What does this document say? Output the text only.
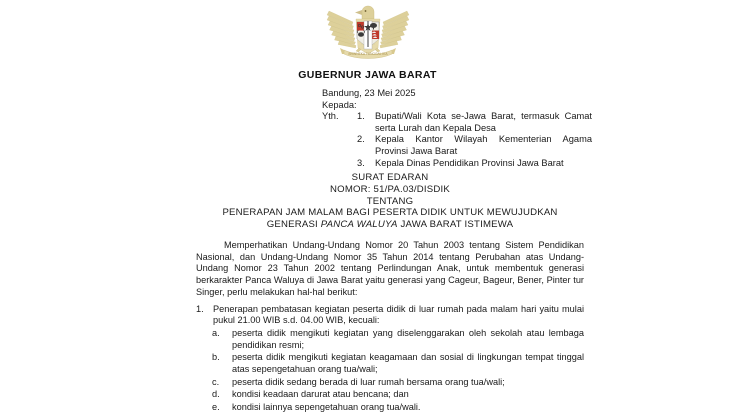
BHINNEKA TUNGGAL IKA
GUBERNUR JAWA BARAT
Bandung, 23 Mei 2025
Kepada:
Yth.	1.	Bupati/Wali Kota se-Jawa Barat, termasuk Camat serta Lurah dan Kepala Desa
2.	Kepala Kantor Wilayah Kementerian Agama Provinsi Jawa Barat
3.	Kepala Dinas Pendidikan Provinsi Jawa Barat
SURAT EDARAN
NOMOR: 51/PA.03/DISDIK
TENTANG
PENERAPAN JAM MALAM BAGI PESERTA DIDIK UNTUK MEWUJUDKAN
GENERASI PANCA WALUYA JAWA BARAT ISTIMEWA

Memperhatikan Undang-Undang Nomor 20 Tahun 2003 tentang Sistem Pendidikan Nasional, dan Undang-Undang Nomor 35 Tahun 2014 tentang Perubahan atas Undang-Undang Nomor 23 Tahun 2002 tentang Perlindungan Anak, untuk membentuk generasi berkarakter Panca Waluya di Jawa Barat yaitu generasi yang Cageur, Bageur, Bener, Pinter tur Singer, perlu melakukan hal-hal berikut:

1.	Penerapan pembatasan kegiatan peserta didik di luar rumah pada malam hari yaitu mulai pukul 21.00 WIB s.d. 04.00 WIB, kecuali:
a.	peserta didik mengikuti kegiatan yang diselenggarakan oleh sekolah atau lembaga pendidikan resmi;
b.	peserta didik mengikuti kegiatan keagamaan dan sosial di lingkungan tempat tinggal atas sepengetahuan orang tua/wali;
c.	peserta didik sedang berada di luar rumah bersama orang tua/wali;
d.	kondisi keadaan darurat atau bencana; dan
e.	kondisi lainnya sepengetahuan orang tua/wali.
